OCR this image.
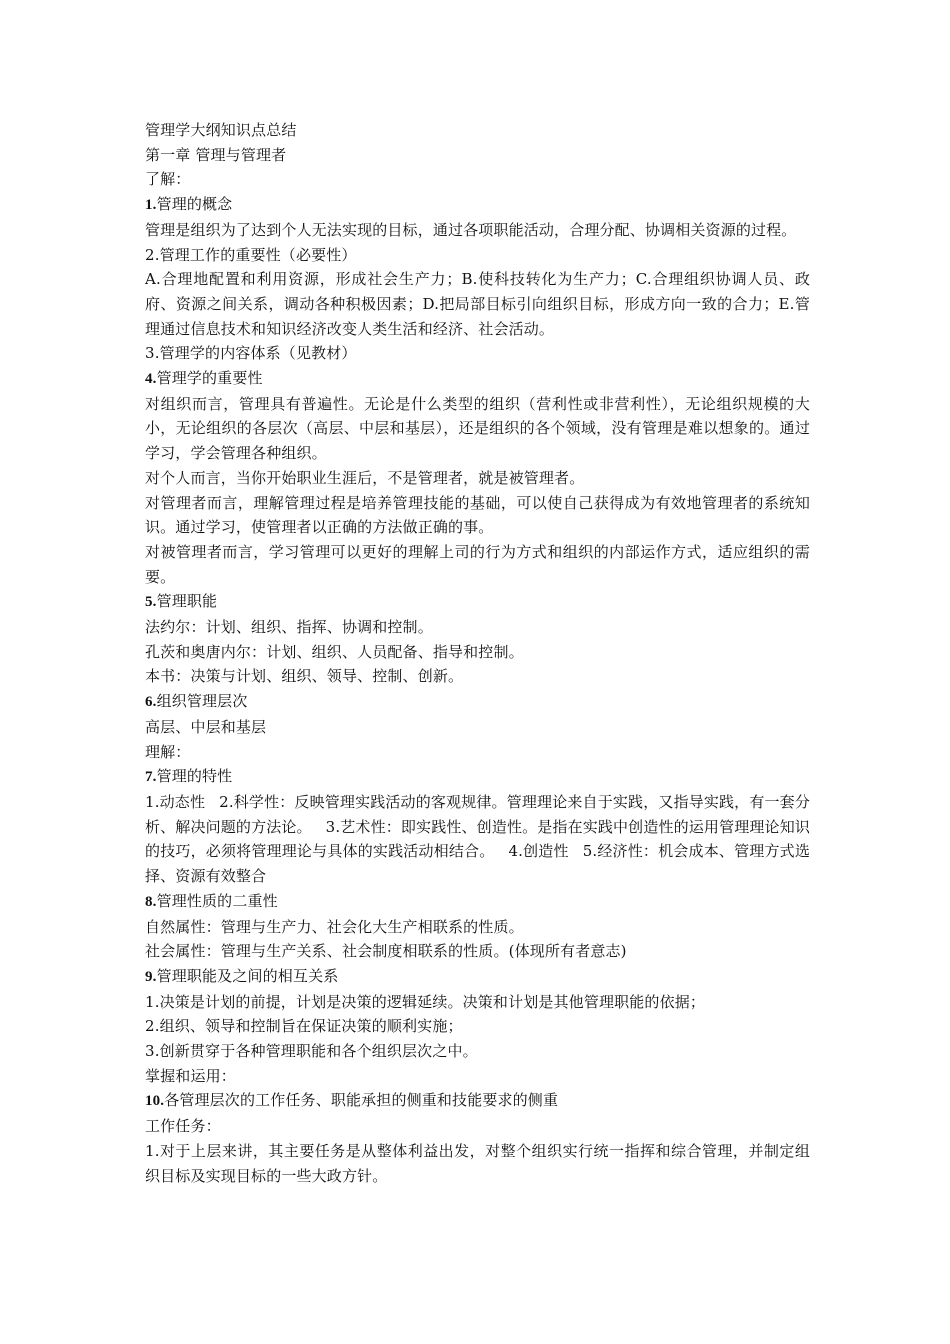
管理学大纲知识点总结

第一章 管理与管理者

了解：

1.管理的概念

管理是组织为了达到个人无法实现的目标，通过各项职能活动，合理分配、协调相关资源的过程。

2.管理工作的重要性（必要性）

A.合理地配置和利用资源，形成社会生产力；B.使科技转化为生产力；C.合理组织协调人员、政府、资源之间关系，调动各种积极因素；D.把局部目标引向组织目标，形成方向一致的合力；E.管理通过信息技术和知识经济改变人类生活和经济、社会活动。

3.管理学的内容体系（见教材）

4.管理学的重要性

对组织而言，管理具有普遍性。无论是什么类型的组织（营利性或非营利性），无论组织规模的大小，无论组织的各层次（高层、中层和基层），还是组织的各个领域，没有管理是难以想象的。通过学习，学会管理各种组织。

对个人而言，当你开始职业生涯后，不是管理者，就是被管理者。

对管理者而言，理解管理过程是培养管理技能的基础，可以使自己获得成为有效地管理者的系统知识。通过学习，使管理者以正确的方法做正确的事。

对被管理者而言，学习管理可以更好的理解上司的行为方式和组织的内部运作方式，适应组织的需要。

5.管理职能

法约尔：计划、组织、指挥、协调和控制。

孔茨和奥唐内尔：计划、组织、人员配备、指导和控制。

本书：决策与计划、组织、领导、控制、创新。

6.组织管理层次

高层、中层和基层

理解：

7.管理的特性

1.动态性 2.科学性：反映管理实践活动的客观规律。管理理论来自于实践，又指导实践，有一套分析、解决问题的方法论。 3.艺术性：即实践性、创造性。是指在实践中创造性的运用管理理论知识的技巧，必须将管理理论与具体的实践活动相结合。 4.创造性 5.经济性：机会成本、管理方式选择、资源有效整合

8.管理性质的二重性

自然属性：管理与生产力、社会化大生产相联系的性质。

社会属性：管理与生产关系、社会制度相联系的性质。(体现所有者意志)

9.管理职能及之间的相互关系

1.决策是计划的前提，计划是决策的逻辑延续。决策和计划是其他管理职能的依据；

2.组织、领导和控制旨在保证决策的顺利实施；

3.创新贯穿于各种管理职能和各个组织层次之中。

掌握和运用：

10.各管理层次的工作任务、职能承担的侧重和技能要求的侧重

工作任务：

1.对于上层来讲，其主要任务是从整体利益出发，对整个组织实行统一指挥和综合管理，并制定组织目标及实现目标的一些大政方针。
